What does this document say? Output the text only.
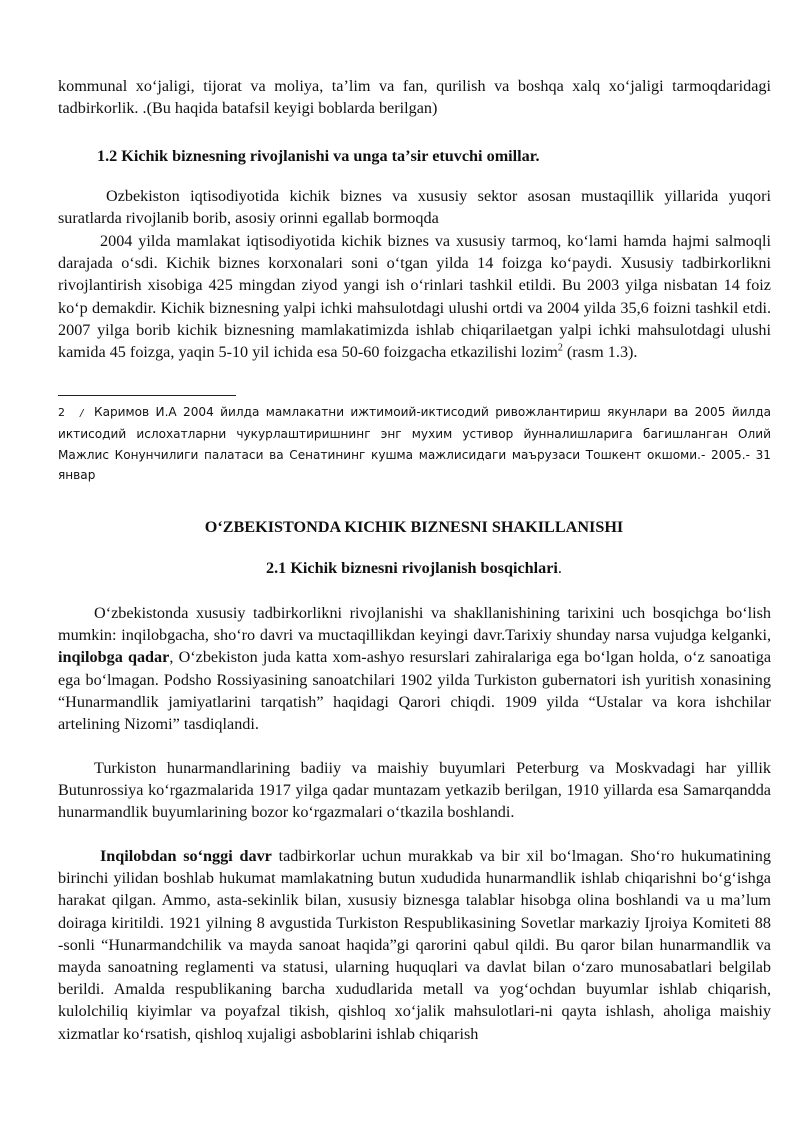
kommunal xoʻjaligi, tijorat va moliya, taʼlim va fan, qurilish va boshqa xalq xoʻjaligi tarmoqdaridagi tadbirkorlik. .(Bu haqida batafsil keyigi boblarda berilgan)

1.2 Kichik biznesning rivojlanishi va unga taʼsir etuvchi omillar.

Ozbekiston iqtisodiyotida kichik biznes va xususiy sektor asosan mustaqillik yillarida yuqori suratlarda rivojlanib borib, asosiy orinni egallab bormoqda

2004 yilda mamlakat iqtisodiyotida kichik biznes va xususiy tarmoq, koʻlami hamda hajmi salmoqli darajada oʻsdi. Kichik biznes korxonalari soni oʻtgan yilda 14 foizga koʻpaydi. Xususiy tadbirkorlikni rivojlantirish xisobiga 425 mingdan ziyod yangi ish oʻrinlari tashkil etildi. Bu 2003 yilga nisbatan 14 foiz koʻp demakdir. Kichik biznesning yalpi ichki mahsulotdagi ulushi ortdi va 2004 yilda 35,6 foizni tashkil etdi. 2007 yilga borib kichik biznesning mamlakatimizda ishlab chiqarilaetgan yalpi ichki mahsulotdagi ulushi kamida 45 foizga, yaqin 5-10 yil ichida esa 50-60 foizgacha etkazilishi lozim$^2$ (rasm 1.3).

2 / Каримов И.А 2004 йилда мамлакатни ижтимоий-иктисодий ривожлантириш якунлари ва 2005 йилда иктисодий ислохатларни чукурлаштиришнинг энг мухим устивор йунналишларига багишланган Олий Мажлис Конунчилиги палатаси ва Сенатининг кушма мажлисидаги маърузаси Тошкент окшоми.- 2005.- 31 январ

OʻZBEKISTONDA KICHIK BIZNESNI SHAKILLANISHI

2.1 Kichik biznesni rivojlanish bosqichlari.

Oʻzbekistonda xususiy tadbirkorlikni rivojlanishi va shakllanishining tarixini uch bosqichga boʻlish mumkin: inqilobgacha, shoʻro davri va muctaqillikdan keyingi davr.Tarixiy shunday narsa vujudga kelganki, inqilobga qadar, Oʻzbekiston juda katta xom-ashyo resurslari zahiralariga ega boʻlgan holda, oʻz sanoatiga ega boʻlmagan. Podsho Rossiyasining sanoatchilari 1902 yilda Turkiston gubernatori ish yuritish xonasining “Hunarmandlik jamiyatlarini tarqatish” haqidagi Qarori chiqdi. 1909 yilda “Ustalar va kora ishchilar artelining Nizomi” tasdiqlandi.

Turkiston hunarmandlarining badiiy va maishiy buyumlari Peterburg va Moskvadagi har yillik Butunrossiya koʻrgazmalarida 1917 yilga qadar muntazam yetkazib berilgan, 1910 yillarda esa Samarqandda hunarmandlik buyumlarining bozor koʻrgazmalari oʻtkazila boshlandi.

Inqilobdan soʻnggi davr tadbirkorlar uchun murakkab va bir xil boʻlmagan. Shoʻro hukumatining birinchi yilidan boshlab hukumat mamlakatning butun xududida hunarmandlik ishlab chiqarishni boʻgʻishga harakat qilgan. Ammo, asta-sekinlik bilan, xususiy biznesga talablar hisobga olina boshlandi va u maʼlum doiraga kiritildi. 1921 yilning 8 avgustida Turkiston Respublikasining Sovetlar markaziy Ijroiya Komiteti 88 -sonli “Hunarmandchilik va mayda sanoat haqida”gi qarorini qabul qildi. Bu qaror bilan hunarmandlik va mayda sanoatning reglamenti va statusi, ularning huquqlari va davlat bilan oʻzaro munosabatlari belgilab berildi. Amalda respublikaning barcha xududlarida metall va yogʻochdan buyumlar ishlab chiqarish, kulolchiliq kiyimlar va poyafzal tikish, qishloq xoʻjalik mahsulotlari-ni qayta ishlash, aholiga maishiy xizmatlar koʻrsatish, qishloq xujaligi asboblarini ishlab chiqarish
